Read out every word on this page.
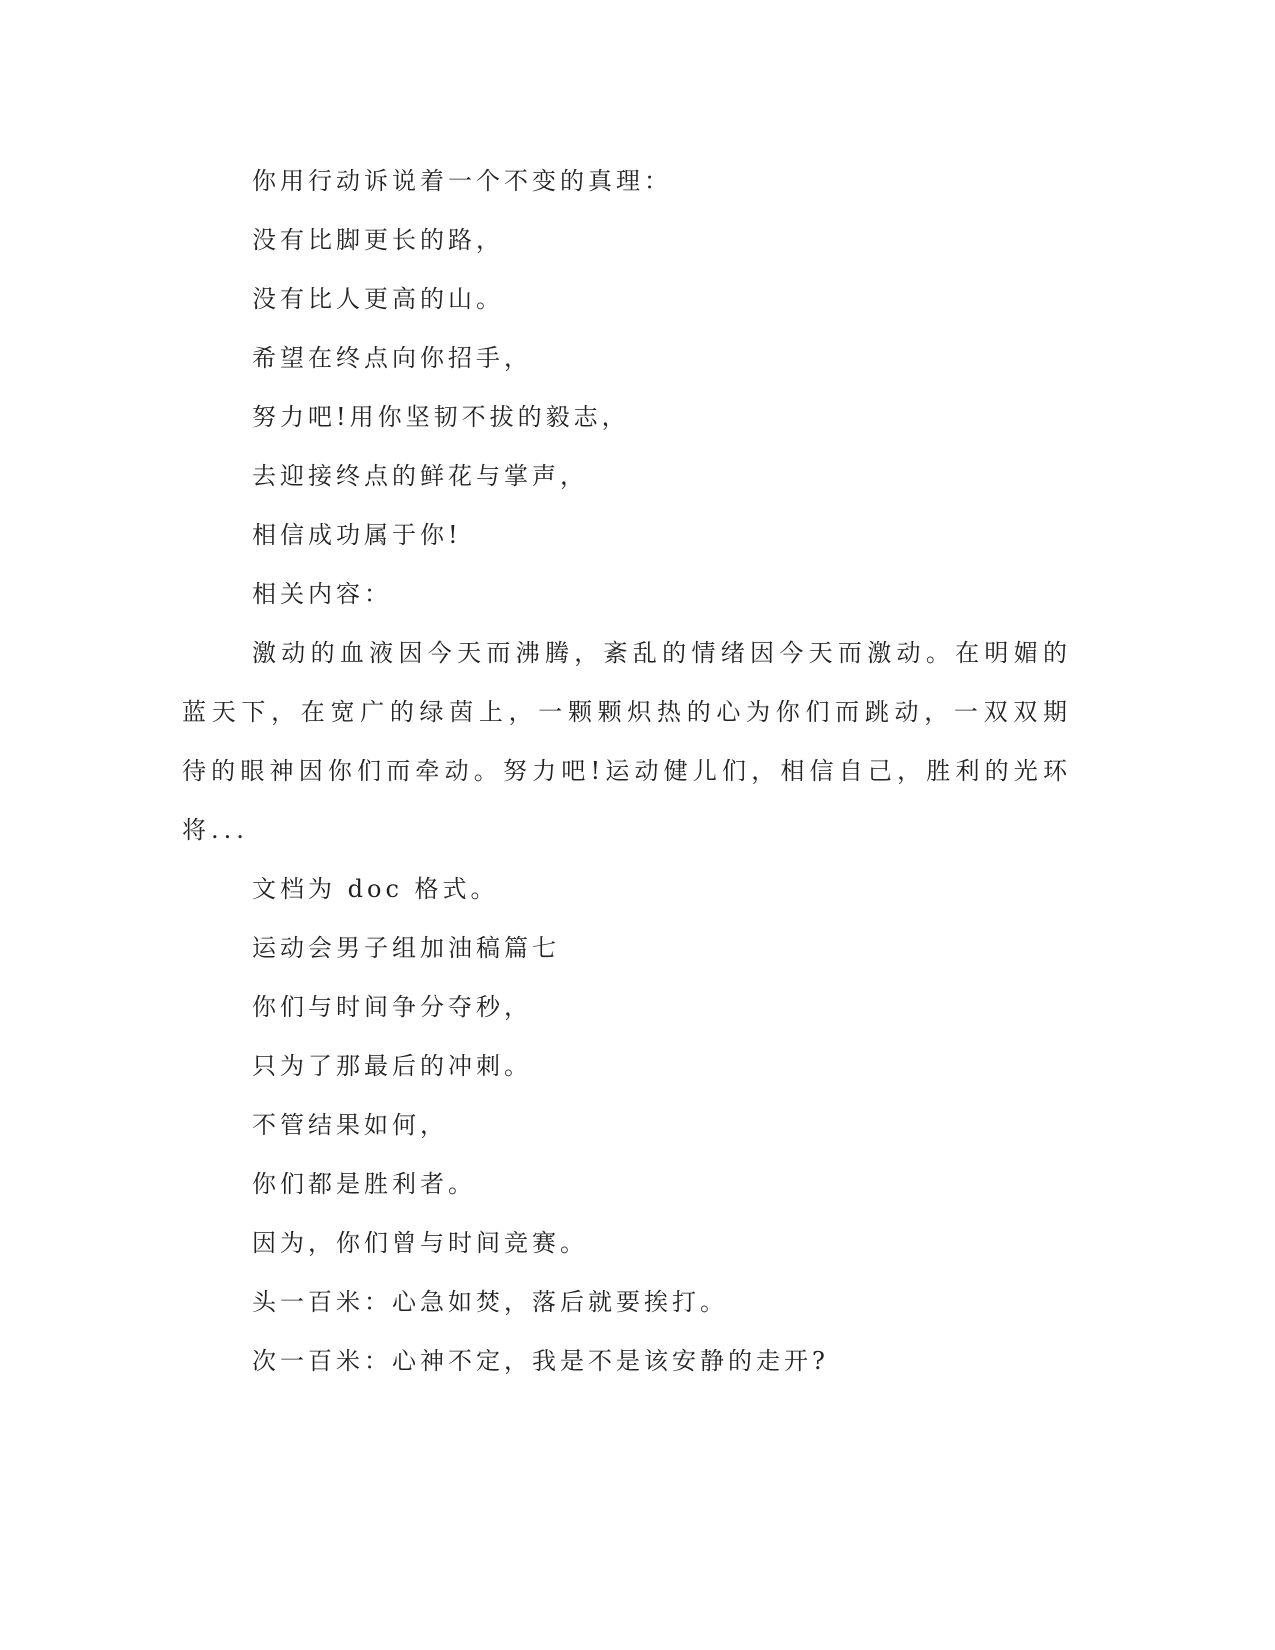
你用行动诉说着一个不变的真理：

没有比脚更长的路，

没有比人更高的山。

希望在终点向你招手，

努力吧!用你坚韧不拔的毅志，

去迎接终点的鲜花与掌声，

相信成功属于你!

相关内容：

激动的血液因今天而沸腾，紊乱的情绪因今天而激动。在明媚的蓝天下，在宽广的绿茵上，一颗颗炽热的心为你们而跳动，一双双期待的眼神因你们而牵动。努力吧!运动健儿们，相信自己，胜利的光环将...

文档为 doc 格式。

运动会男子组加油稿篇七

你们与时间争分夺秒，

只为了那最后的冲刺。

不管结果如何，

你们都是胜利者。

因为，你们曾与时间竞赛。

头一百米：心急如焚，落后就要挨打。

次一百米：心神不定，我是不是该安静的走开?
